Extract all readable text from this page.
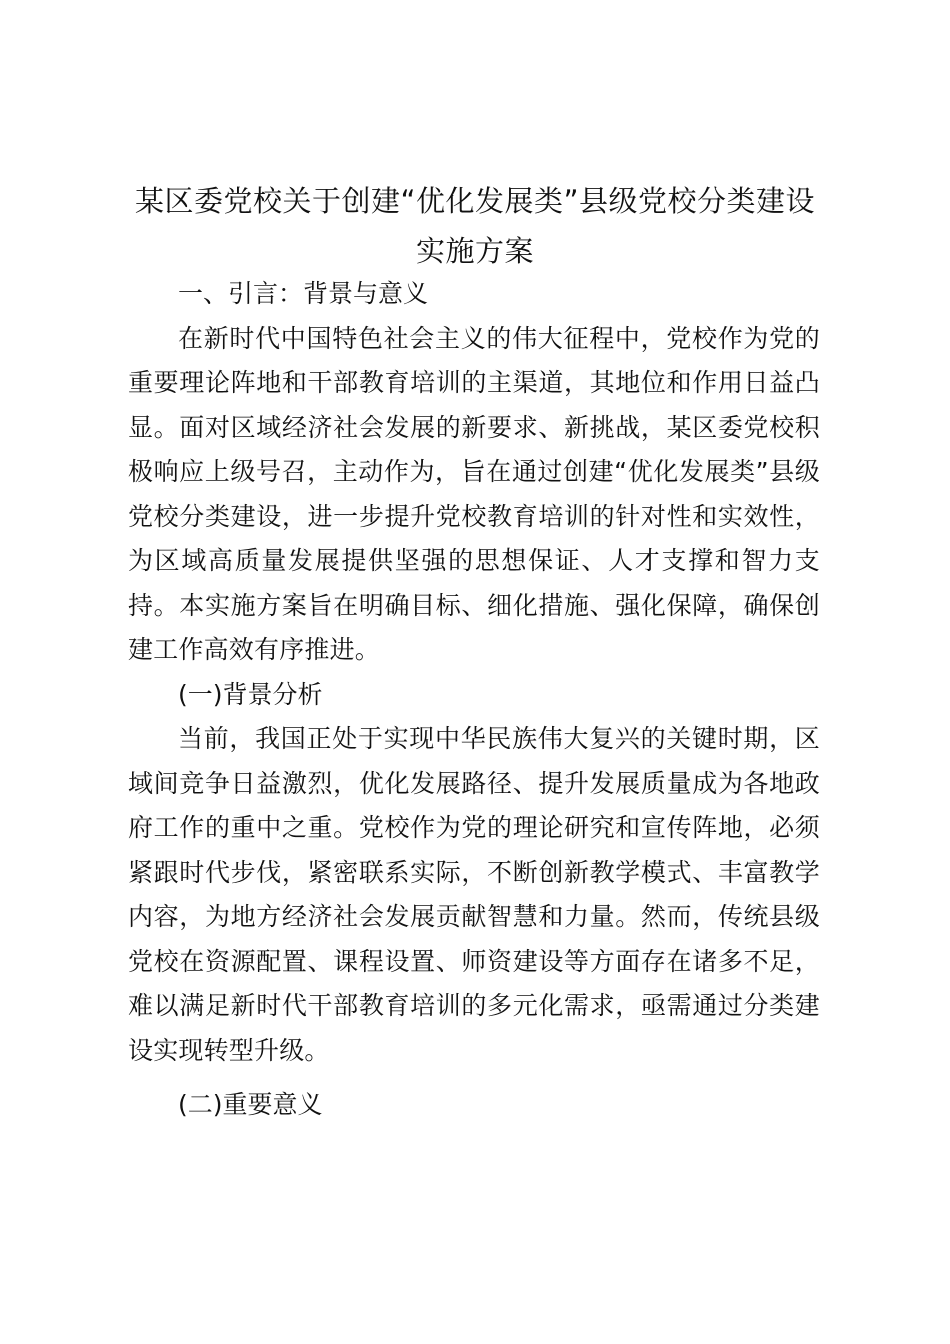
某区委党校关于创建“优化发展类”县级党校分类建设实施方案
一、引言：背景与意义

在新时代中国特色社会主义的伟大征程中，党校作为党的重要理论阵地和干部教育培训的主渠道，其地位和作用日益凸显。面对区域经济社会发展的新要求、新挑战，某区委党校积极响应上级号召，主动作为，旨在通过创建“优化发展类”县级党校分类建设，进一步提升党校教育培训的针对性和实效性，为区域高质量发展提供坚强的思想保证、人才支撑和智力支持。本实施方案旨在明确目标、细化措施、强化保障，确保创建工作高效有序推进。

(一)背景分析

当前，我国正处于实现中华民族伟大复兴的关键时期，区域间竞争日益激烈，优化发展路径、提升发展质量成为各地政府工作的重中之重。党校作为党的理论研究和宣传阵地，必须紧跟时代步伐，紧密联系实际，不断创新教学模式、丰富教学内容，为地方经济社会发展贡献智慧和力量。然而，传统县级党校在资源配置、课程设置、师资建设等方面存在诸多不足，难以满足新时代干部教育培训的多元化需求，亟需通过分类建设实现转型升级。

(二)重要意义
